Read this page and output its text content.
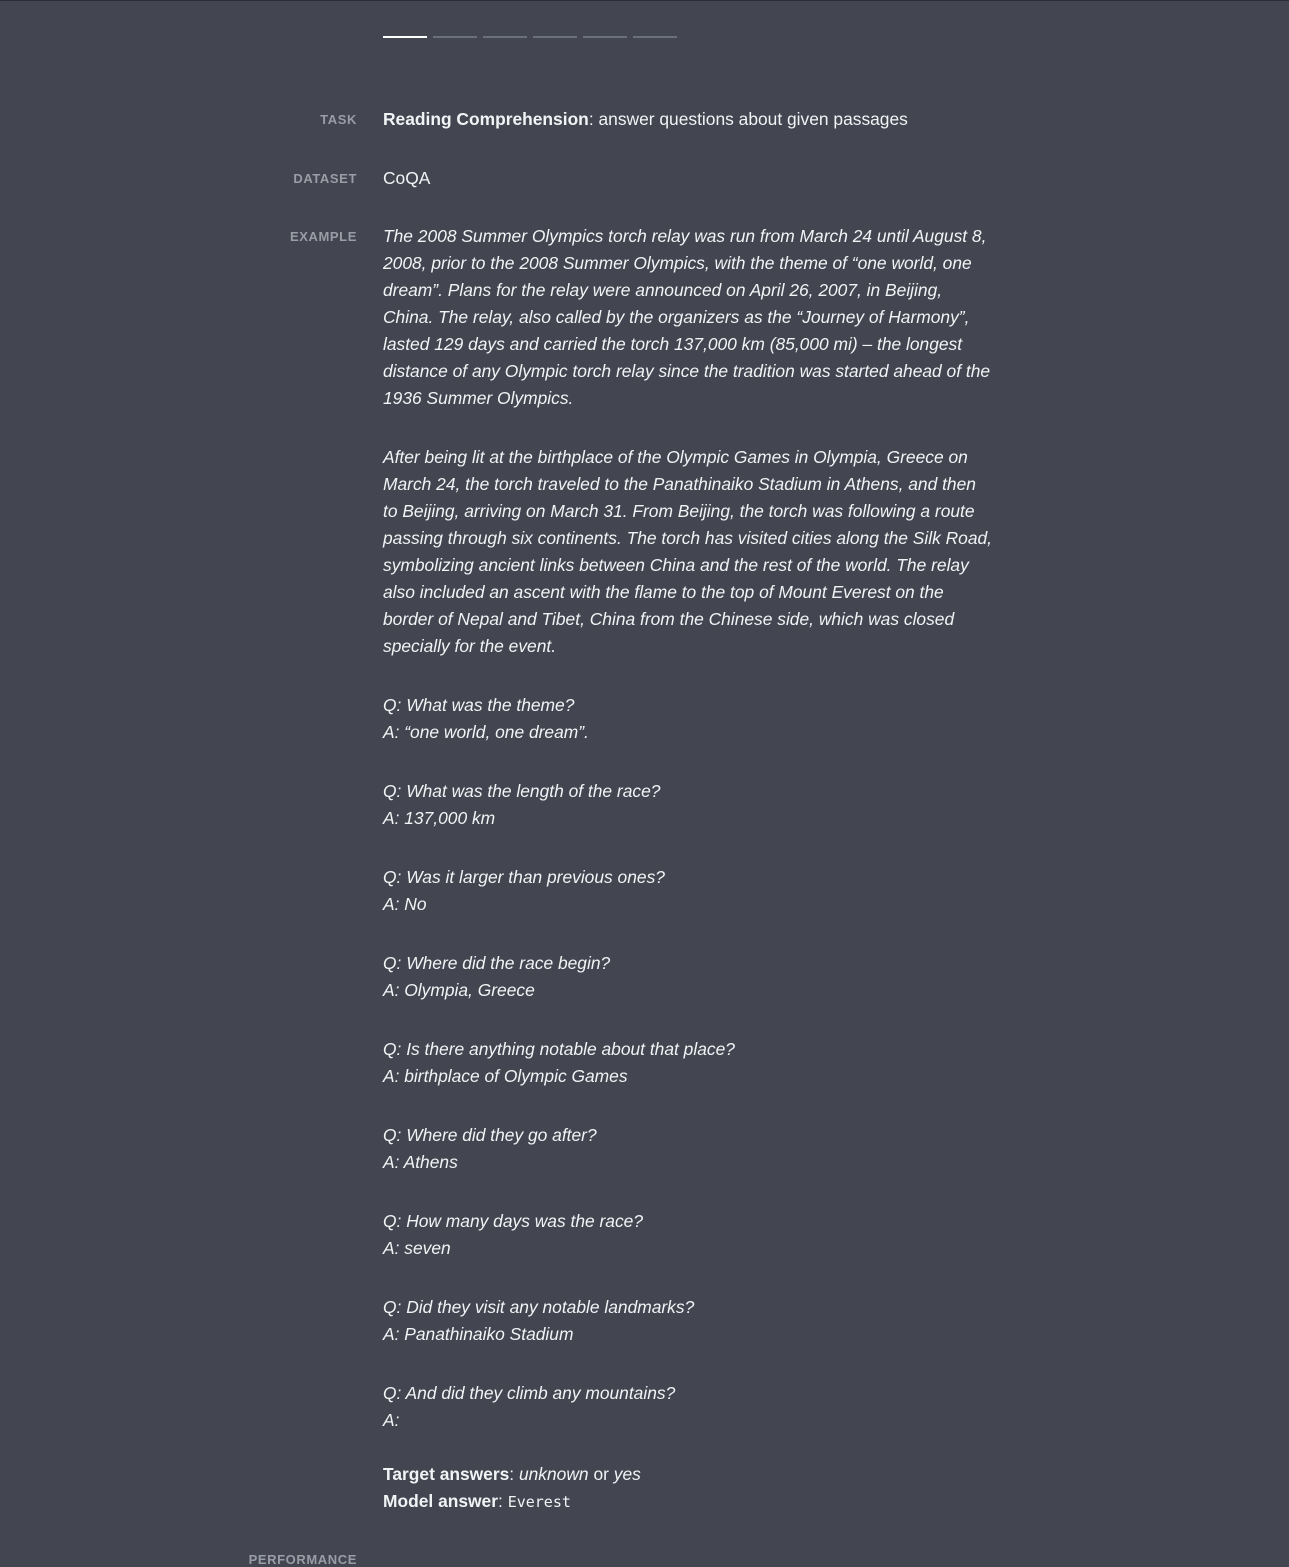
TASK Reading Comprehension: answer questions about given passages
DATASET CoQA
EXAMPLE The 2008 Summer Olympics torch relay was run from March 24 until August 8, 2008, prior to the 2008 Summer Olympics, with the theme of “one world, one dream”. Plans for the relay were announced on April 26, 2007, in Beijing, China. The relay, also called by the organizers as the “Journey of Harmony”, lasted 129 days and carried the torch 137,000 km (85,000 mi) – the longest distance of any Olympic torch relay since the tradition was started ahead of the 1936 Summer Olympics.

After being lit at the birthplace of the Olympic Games in Olympia, Greece on March 24, the torch traveled to the Panathinaiko Stadium in Athens, and then to Beijing, arriving on March 31. From Beijing, the torch was following a route passing through six continents. The torch has visited cities along the Silk Road, symbolizing ancient links between China and the rest of the world. The relay also included an ascent with the flame to the top of Mount Everest on the border of Nepal and Tibet, China from the Chinese side, which was closed specially for the event.

Q: What was the theme?
A: “one world, one dream”.
Q: What was the length of the race?
A: 137,000 km
Q: Was it larger than previous ones?
A: No
Q: Where did the race begin?
A: Olympia, Greece
Q: Is there anything notable about that place?
A: birthplace of Olympic Games
Q: Where did they go after?
A: Athens
Q: How many days was the race?
A: seven
Q: Did they visit any notable landmarks?
A: Panathinaiko Stadium
Q: And did they climb any mountains?
A:
Target answers: unknown or yes
Model answer: Everest
PERFORMANCE
